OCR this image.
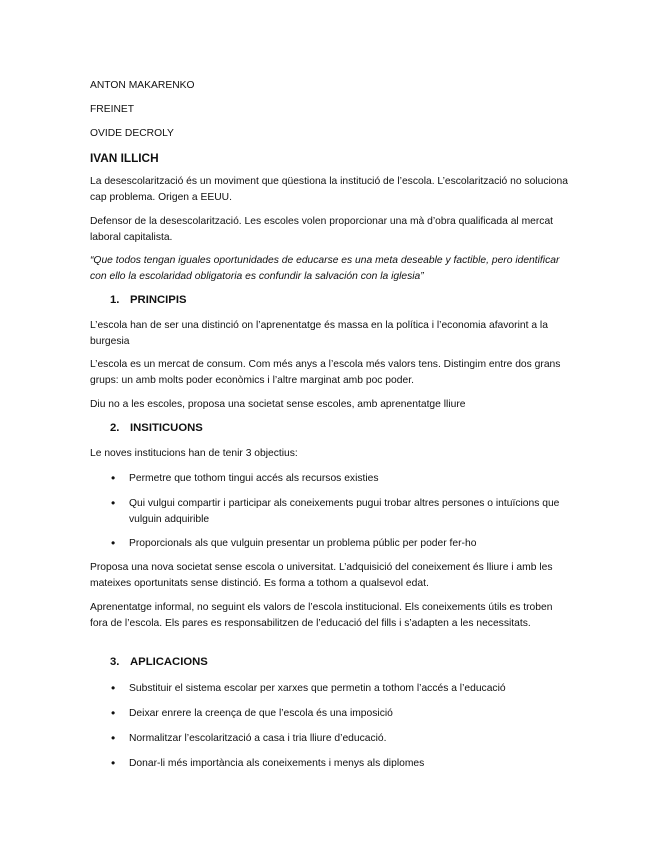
ANTON MAKARENKO

FREINET

OVIDE DECROLY

IVAN ILLICH

La desescolarització és un moviment que qüestiona la institució de l’escola. L’escolarització no soluciona cap problema. Origen a EEUU.

Defensor de la desescolarització. Les escoles volen proporcionar una mà d’obra qualificada al mercat laboral capitalista.

“Que todos tengan iguales oportunidades de educarse es una meta deseable y factible, pero identificar con ello la escolaridad obligatoria es confundir la salvación con la iglesia”

1. PRINCIPIS

L’escola han de ser una distinció on l’aprenentatge és massa en la política i l’economia afavorint a la burgesia

L’escola es un mercat de consum. Com més anys a l’escola més valors tens. Distingim entre dos grans grups: un amb molts poder econòmics i l’altre marginat amb poc poder.

Diu no a les escoles, proposa una societat sense escoles, amb aprenentatge lliure

2. INSITICUONS

Le noves institucions han de tenir 3 objectius:

•	Permetre que tothom tingui accés als recursos existies
•	Qui vulgui compartir i participar als coneixements pugui trobar altres persones o intuïcions que vulguin adquirible
•	Proporcionals als que vulguin presentar un problema públic per poder fer-ho

Proposa una nova societat sense escola o universitat. L’adquisició del coneixement és lliure i amb les mateixes oportunitats sense distinció. Es forma a tothom a qualsevol edat.

Aprenentatge informal, no seguint els valors de l’escola institucional. Els coneixements útils es troben fora de l’escola. Els pares es responsabilitzen de l’educació del fills i s’adapten a les necessitats.

3. APLICACIONS

•	Substituir el sistema escolar per xarxes que permetin a tothom l’accés a l’educació
•	Deixar enrere la creença de que l’escola és una imposició
•	Normalitzar l’escolarització a casa i tria lliure d’educació.
•	Donar-li més importància als coneixements i menys als diplomes
